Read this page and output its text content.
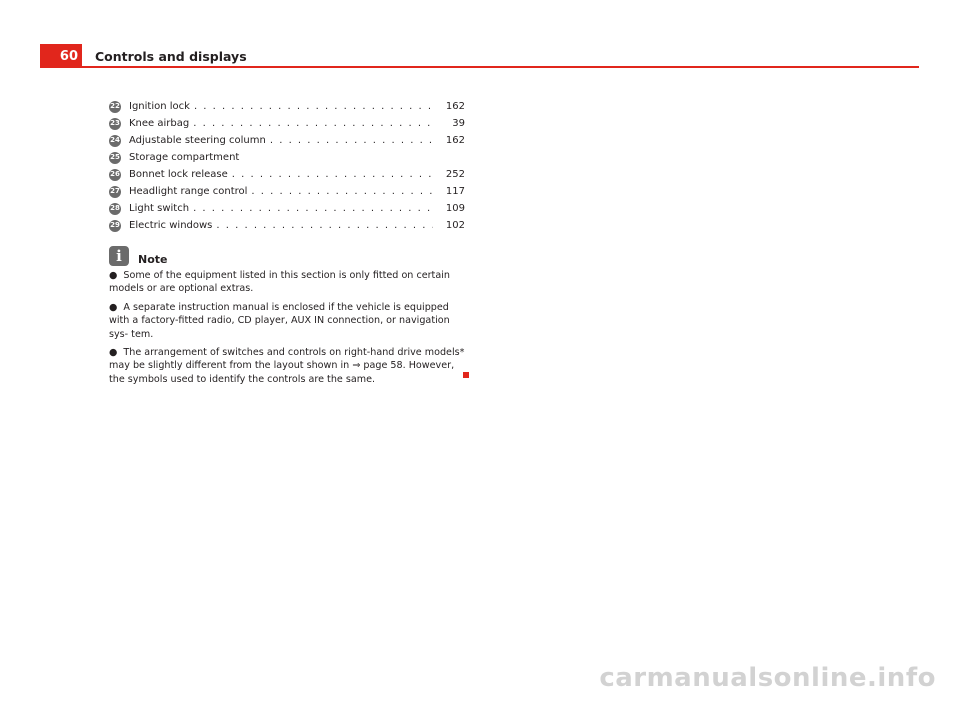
60 Controls and displays
22 Ignition lock . . .	162
23 Knee airbag . . .	39
24 Adjustable steering column . . .	162
25 Storage compartment
26 Bonnet lock release . . .	252
27 Headlight range control . . .	117
28 Light switch . . .	109
29 Electric windows . . .	102
i	Note

● Some of the equipment listed in this section is only fitted on certain models or are optional extras.

● A separate instruction manual is enclosed if the vehicle is equipped with a factory-fitted radio, CD player, AUX IN connection, or navigation sys- tem.

● The arrangement of switches and controls on right-hand drive models* may be slightly different from the layout shown in ⇒ page 58. However, the symbols used to identify the controls are the same.

carmanualsonline.info
